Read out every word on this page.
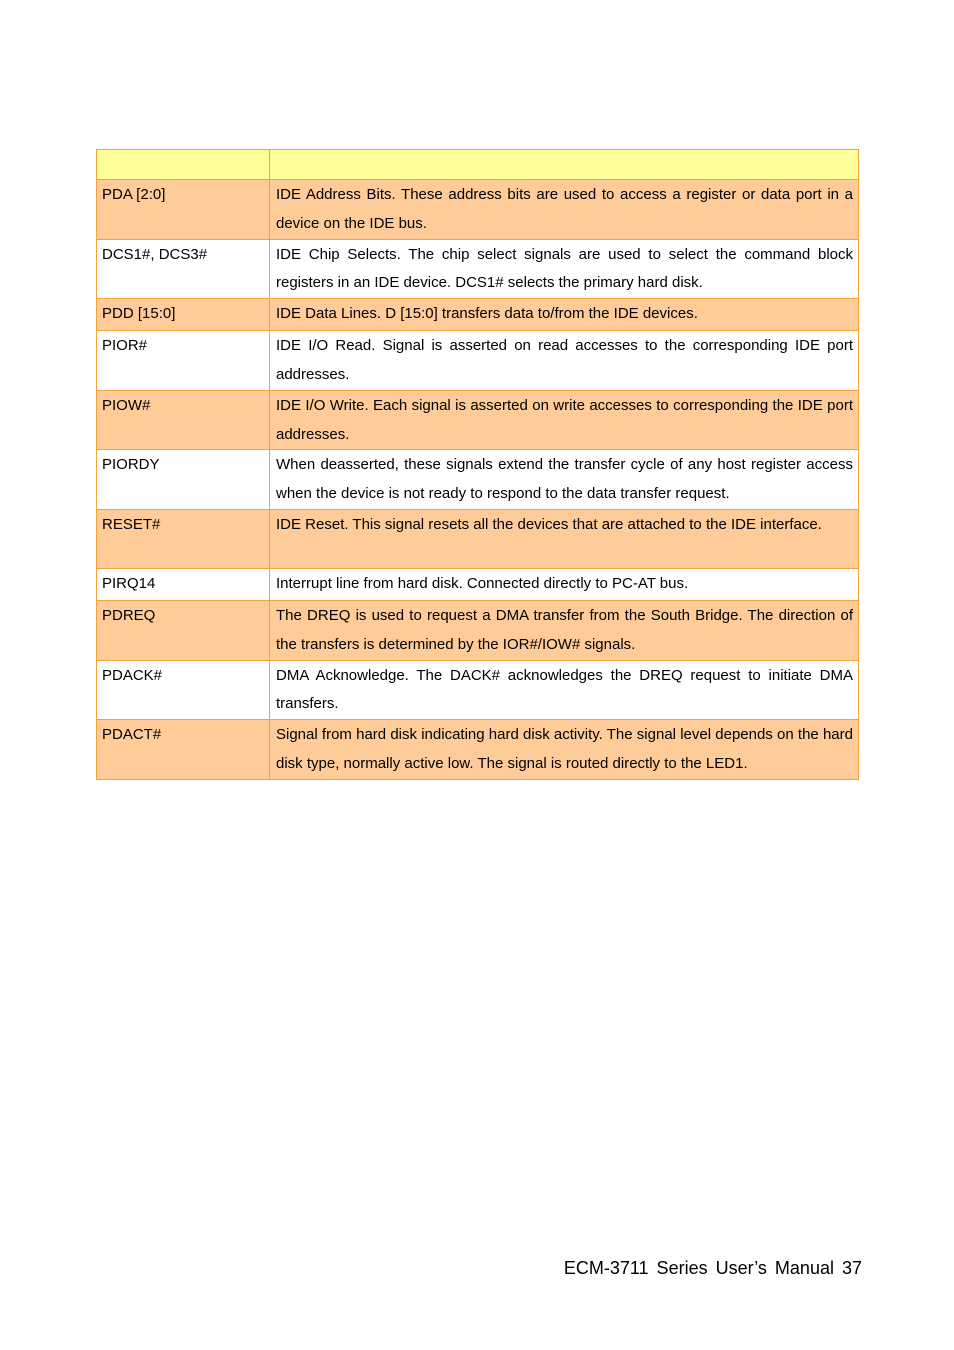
PDA [2:0]	IDE Address Bits. These address bits are used to access a register or data port in a device on the IDE bus.
DCS1#, DCS3#	IDE Chip Selects. The chip select signals are used to select the command block registers in an IDE device. DCS1# selects the primary hard disk.
PDD [15:0]	IDE Data Lines. D [15:0] transfers data to/from the IDE devices.
PIOR#	IDE I/O Read. Signal is asserted on read accesses to the corresponding IDE port addresses.
PIOW#	IDE I/O Write. Each signal is asserted on write accesses to corresponding the IDE port addresses.
PIORDY	When deasserted, these signals extend the transfer cycle of any host register access when the device is not ready to respond to the data transfer request.
RESET#	IDE Reset. This signal resets all the devices that are attached to the IDE interface.
PIRQ14	Interrupt line from hard disk. Connected directly to PC-AT bus.
PDREQ	The DREQ is used to request a DMA transfer from the South Bridge. The direction of the transfers is determined by the IOR#/IOW# signals.
PDACK#	DMA Acknowledge. The DACK# acknowledges the DREQ request to initiate DMA transfers.
PDACT#	Signal from hard disk indicating hard disk activity. The signal level depends on the hard disk type, normally active low. The signal is routed directly to the LED1.
ECM-3711 Series User’s Manual 37
